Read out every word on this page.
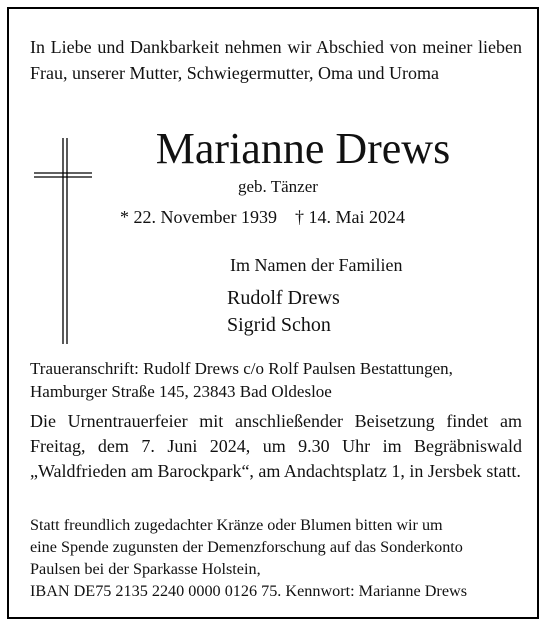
In Liebe und Dankbarkeit nehmen wir Abschied von meiner lieben Frau, unserer Mutter, Schwiegermutter, Oma und Uroma

Marianne Drews
geb. Tänzer
* 22. November 1939 † 14. Mai 2024
Im Namen der Familien
Rudolf Drews
Sigrid Schon
Traueranschrift: Rudolf Drews c/o Rolf Paulsen Bestattungen,
Hamburger Straße 145, 23843 Bad Oldesloe

Die Urnentrauerfeier mit anschließender Beisetzung findet am Freitag, dem 7. Juni 2024, um 9.30 Uhr im Begräbniswald „Waldfrieden am Barockpark“, am Andachtsplatz 1, in Jersbek statt.

Statt freundlich zugedachter Kränze oder Blumen bitten wir um
eine Spende zugunsten der Demenzforschung auf das Sonderkonto
Paulsen bei der Sparkasse Holstein,
IBAN DE75 2135 2240 0000 0126 75. Kennwort: Marianne Drews
